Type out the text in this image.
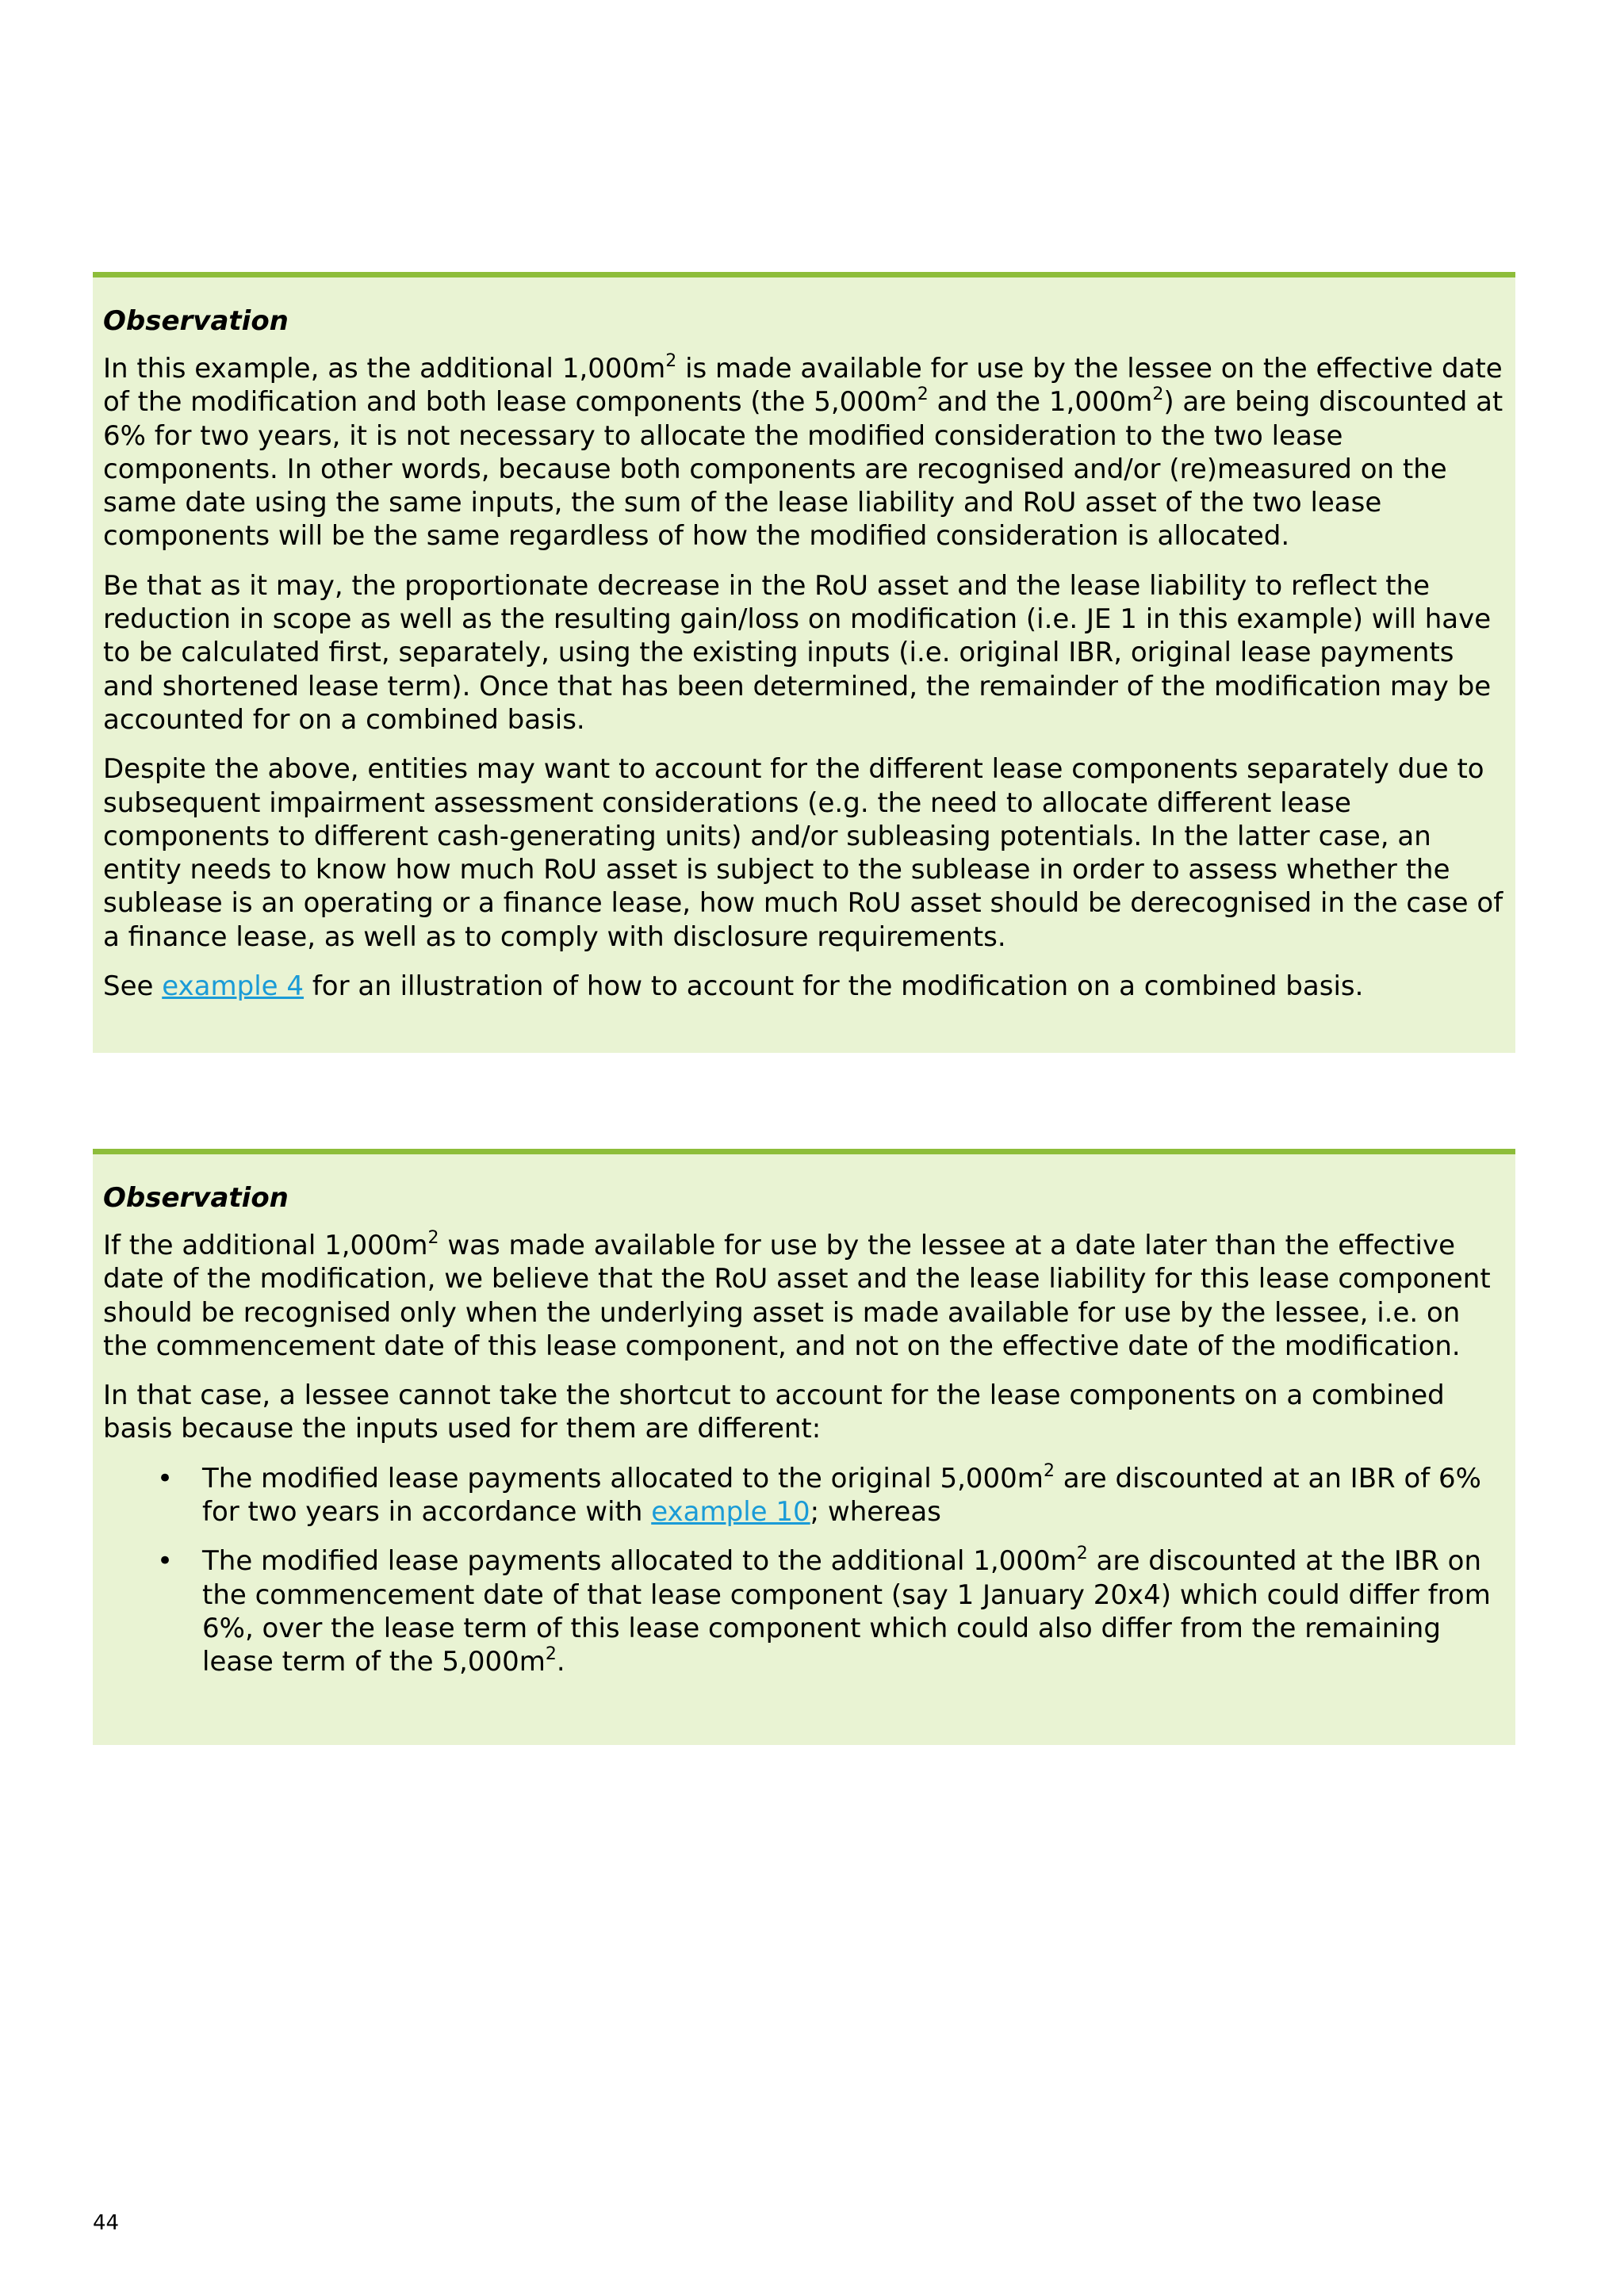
Observation

In this example, as the additional $1,000m^2$ is made available for use by the lessee on the effective date of the modification and both lease components (the $5,000m^2$ and the $1,000m^2$) are being discounted at 6% for two years, it is not necessary to allocate the modified consideration to the two lease components. In other words, because both components are recognised and/or (re)measured on the same date using the same inputs, the sum of the lease liability and RoU asset of the two lease components will be the same regardless of how the modified consideration is allocated.

Be that as it may, the proportionate decrease in the RoU asset and the lease liability to reflect the reduction in scope as well as the resulting gain/loss on modification (i.e. JE 1 in this example) will have to be calculated first, separately, using the existing inputs (i.e. original IBR, original lease payments and shortened lease term). Once that has been determined, the remainder of the modification may be accounted for on a combined basis.

Despite the above, entities may want to account for the different lease components separately due to subsequent impairment assessment considerations (e.g. the need to allocate different lease components to different cash-generating units) and/or subleasing potentials. In the latter case, an entity needs to know how much RoU asset is subject to the sublease in order to assess whether the sublease is an operating or a finance lease, how much RoU asset should be derecognised in the case of a finance lease, as well as to comply with disclosure requirements.

See example 4 for an illustration of how to account for the modification on a combined basis.

Observation

If the additional $1,000m^2$ was made available for use by the lessee at a date later than the effective date of the modification, we believe that the RoU asset and the lease liability for this lease component should be recognised only when the underlying asset is made available for use by the lessee, i.e. on the commencement date of this lease component, and not on the effective date of the modification.

In that case, a lessee cannot take the shortcut to account for the lease components on a combined basis because the inputs used for them are different:

• The modified lease payments allocated to the original $5,000m^2$ are discounted at an IBR of 6% for two years in accordance with example 10; whereas
• The modified lease payments allocated to the additional $1,000m^2$ are discounted at the IBR on the commencement date of that lease component (say 1 January 20x4) which could differ from 6%, over the lease term of this lease component which could also differ from the remaining lease term of the $5,000m^2$.
44
